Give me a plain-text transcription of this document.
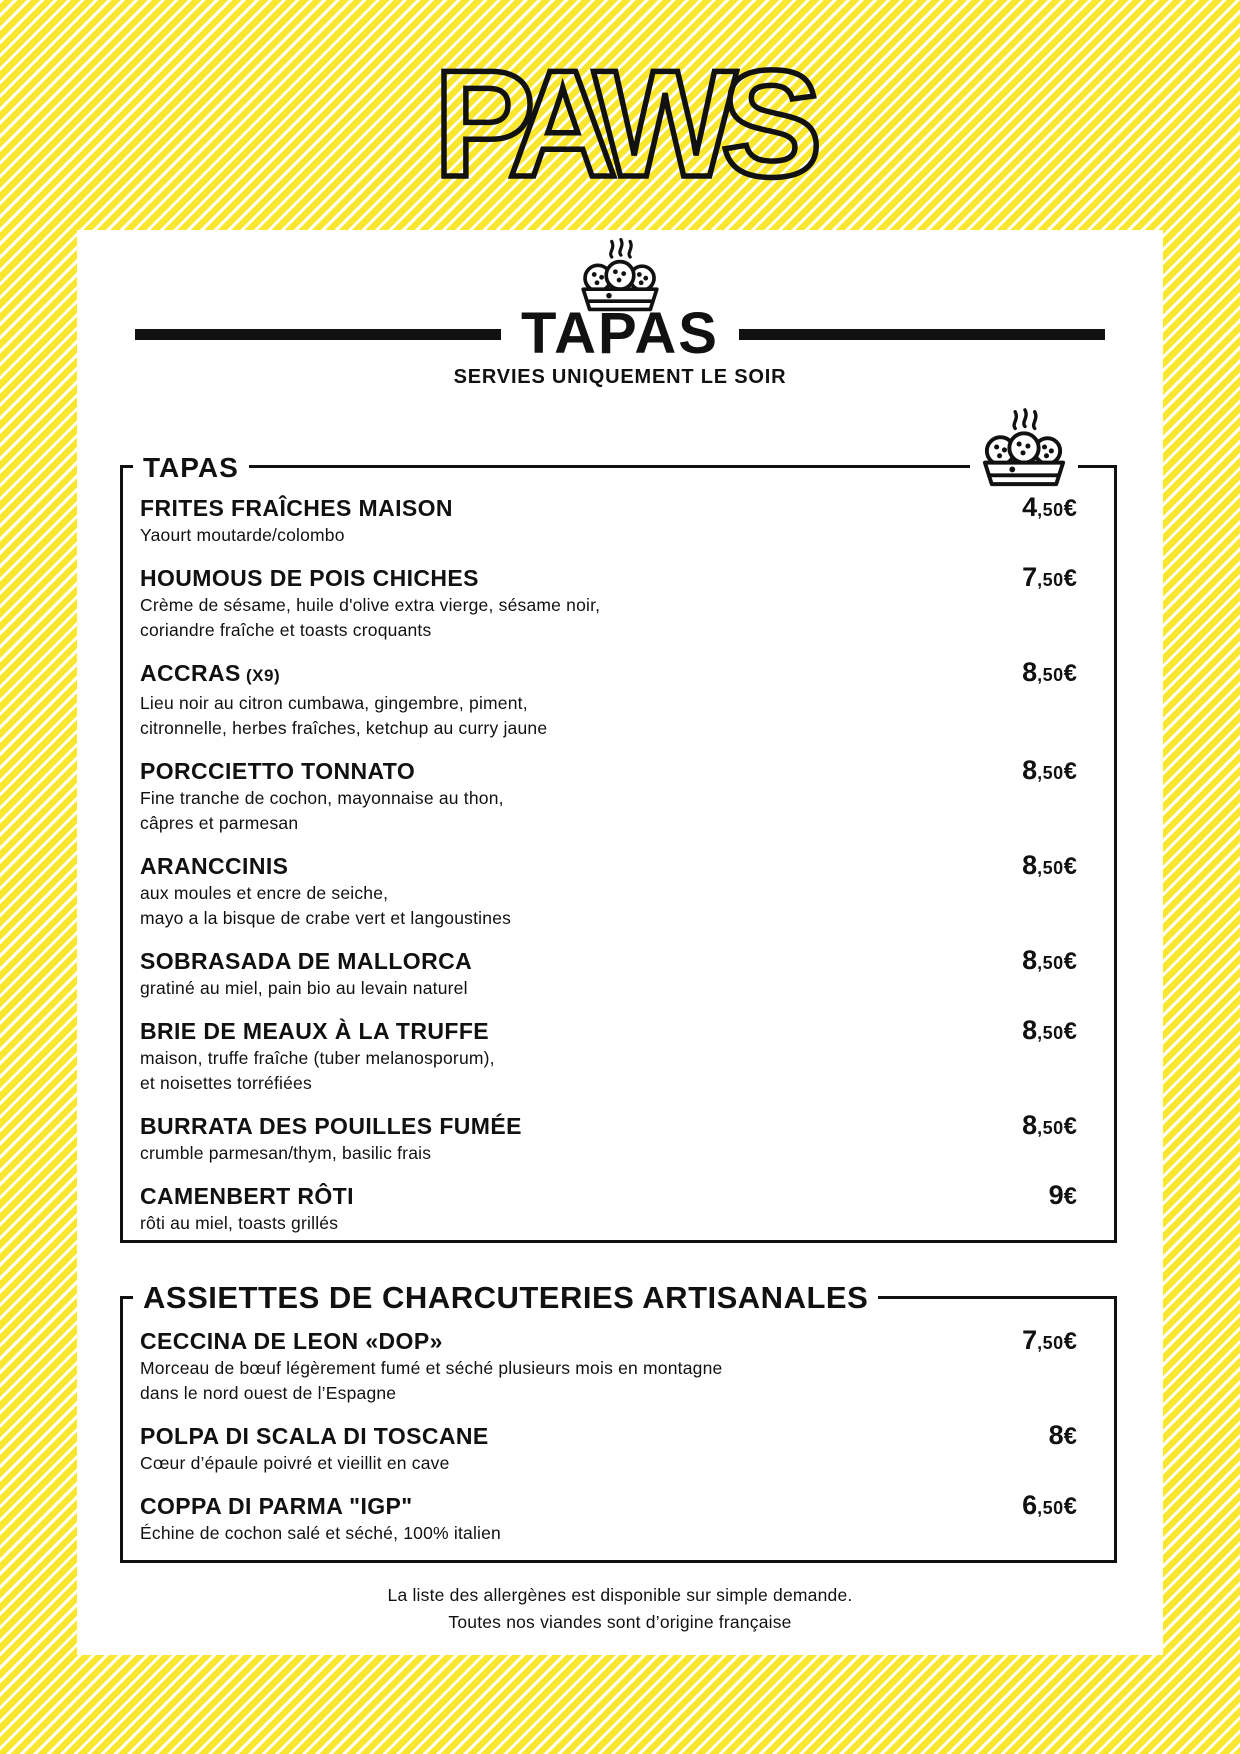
PAWS
TAPAS
SERVIES UNIQUEMENT LE SOIR
TAPAS
FRITES FRAÎCHES MAISON	4,50€
Yaourt moutarde/colombo
HOUMOUS DE POIS CHICHES	7,50€
Crème de sésame, huile d'olive extra vierge, sésame noir,
coriandre fraîche et toasts croquants
ACCRAS (X9)	8,50€
Lieu noir au citron cumbawa, gingembre, piment,
citronnelle, herbes fraîches, ketchup au curry jaune
PORCCIETTO TONNATO	8,50€
Fine tranche de cochon, mayonnaise au thon,
câpres et parmesan
ARANCCINIS	8,50€
aux moules et encre de seiche,
mayo a la bisque de crabe vert et langoustines
SOBRASADA DE MALLORCA	8,50€
gratiné au miel, pain bio au levain naturel
BRIE DE MEAUX À LA TRUFFE	8,50€
maison, truffe fraîche (tuber melanosporum),
et noisettes torréfiées
BURRATA DES POUILLES FUMÉE	8,50€
crumble parmesan/thym, basilic frais
CAMENBERT RÔTI	9€
rôti au miel, toasts grillés
ASSIETTES DE CHARCUTERIES ARTISANALES
CECCINA DE LEON «DOP»	7,50€
Morceau de bœuf légèrement fumé et séché plusieurs mois en montagne
dans le nord ouest de l’Espagne
POLPA DI SCALA DI TOSCANE	8€
Cœur d’épaule poivré et vieillit en cave
COPPA DI PARMA "IGP"	6,50€
Échine de cochon salé et séché, 100% italien
La liste des allergènes est disponible sur simple demande.
Toutes nos viandes sont d’origine française
